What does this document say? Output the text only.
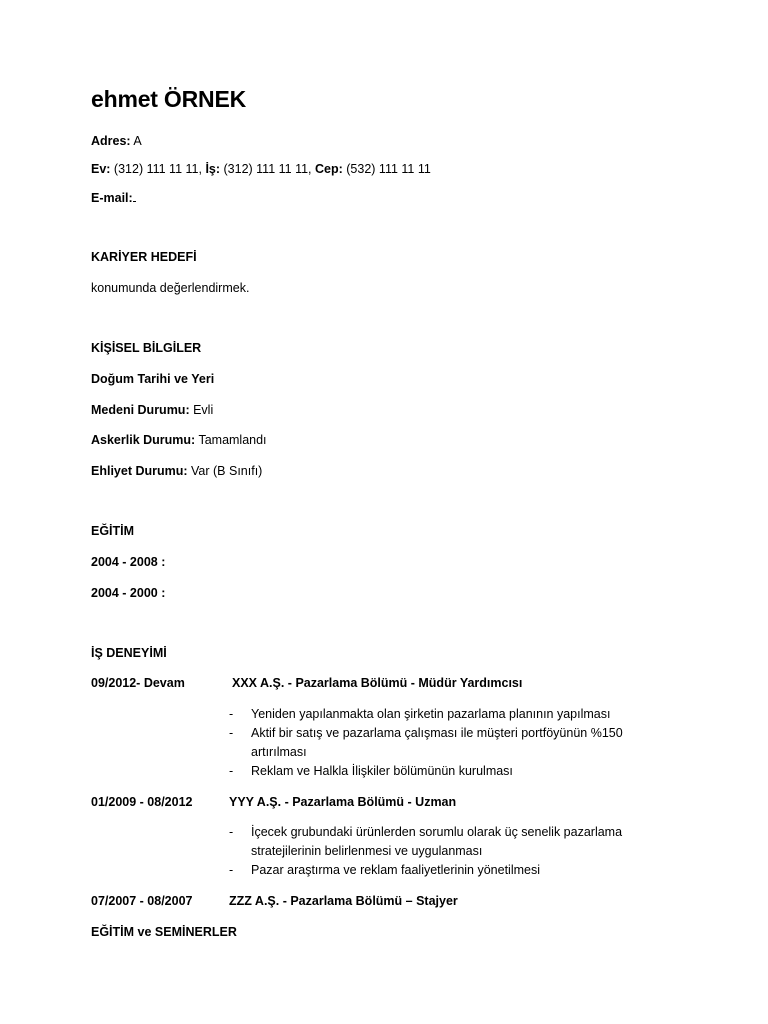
ehmet ÖRNEK
Adres: A
Ev: (312) 111 11 11, İş: (312) 111 11 11, Cep: (532) 111 11 11
E-mail:
KARİYER HEDEFİ
konumunda değerlendirmek.
KİŞİSEL BİLGİLER
Doğum Tarihi ve Yeri
Medeni Durumu: Evli
Askerlik Durumu: Tamamlandı
Ehliyet Durumu: Var (B Sınıfı)
EĞİTİM
2004 - 2008 :
2004 - 2000 :
İŞ DENEYİMİ
09/2012- Devam	XXX A.Ş. - Pazarlama Bölümü - Müdür Yardımcısı
- Yeniden yapılanmakta olan şirketin pazarlama planının yapılması
- Aktif bir satış ve pazarlama çalışması ile müşteri portföyünün %150 artırılması
- Reklam ve Halkla İlişkiler bölümünün kurulması
01/2009 - 08/2012	YYY A.Ş. - Pazarlama Bölümü - Uzman
- İçecek grubundaki ürünlerden sorumlu olarak üç senelik pazarlama stratejilerinin belirlenmesi ve uygulanması
- Pazar araştırma ve reklam faaliyetlerinin yönetilmesi
07/2007 - 08/2007	ZZZ A.Ş. - Pazarlama Bölümü – Stajyer
EĞİTİM ve SEMİNERLER
